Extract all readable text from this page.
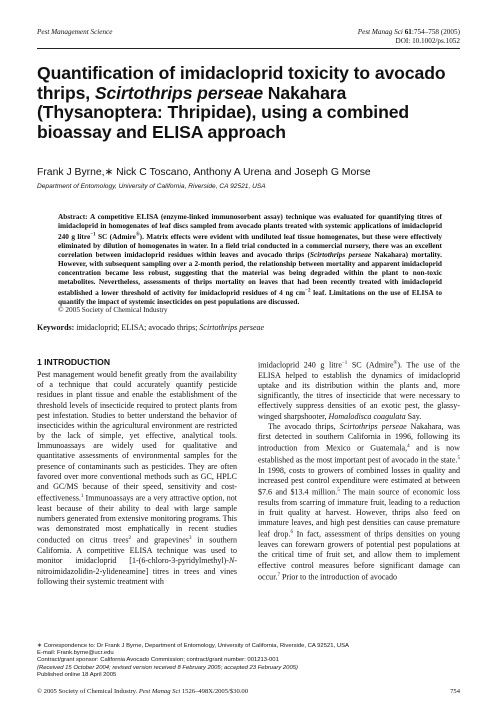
Pest Management Science	Pest Manag Sci 61:754–758 (2005)
DOI: 10.1002/ps.1052
Quantification of imidacloprid toxicity to avocado thrips, Scirtothrips perseae Nakahara (Thysanoptera: Thripidae), using a combined bioassay and ELISA approach
Frank J Byrne,∗ Nick C Toscano, Anthony A Urena and Joseph G Morse
Department of Entomology, University of California, Riverside, CA 92521, USA

Abstract: A competitive ELISA (enzyme-linked immunosorbent assay) technique was evaluated for quantifying titres of imidacloprid in homogenates of leaf discs sampled from avocado plants treated with systemic applications of imidacloprid 240 g litre$^{-1}$ SC (Admire®). Matrix effects were evident with undiluted leaf tissue homogenates, but these were effectively eliminated by dilution of homogenates in water. In a field trial conducted in a commercial nursery, there was an excellent correlation between imidacloprid residues within leaves and avocado thrips (Scirtothrips perseae Nakahara) mortality. However, with subsequent sampling over a 2-month period, the relationship between mortality and apparent imidacloprid concentration became less robust, suggesting that the material was being degraded within the plant to non-toxic metabolites. Nevertheless, assessments of thrips mortality on leaves that had been recently treated with imidacloprid established a lower threshold of activity for imidacloprid residues of 4 ng $cm^{-2}$ leaf. Limitations on the use of ELISA to quantify the impact of systemic insecticides on pest populations are discussed.

© 2005 Society of Chemical Industry
Keywords: imidacloprid; ELISA; avocado thrips; Scirtothrips perseae
1 INTRODUCTION

Pest management would benefit greatly from the availability of a technique that could accurately quantify pesticide residues in plant tissue and enable the establishment of the threshold levels of insecticide required to protect plants from pest infestation. Studies to better understand the behavior of insecticides within the agricultural environment are restricted by the lack of simple, yet effective, analytical tools. Immunoassays are widely used for qualitative and quantitative assessments of environmental samples for the presence of contaminants such as pesticides. They are often favored over more conventional methods such as GC, HPLC and GC/MS because of their speed, sensitivity and cost-effectiveness.$^1$ Immunoassays are a very attractive option, not least because of their ability to deal with large sample numbers generated from extensive monitoring programs. This was demonstrated most emphatically in recent studies conducted on citrus trees$^2$ and grapevines$^3$ in southern California. A competitive ELISA technique was used to monitor imidacloprid [1-(6-chloro-3-pyridylmethyl)-N-nitroimidazolidin-2-ylideneamine] titres in trees and vines following their systemic treatment with

imidacloprid 240 g litre$^{-1}$ SC (Admire®). The use of the ELISA helped to establish the dynamics of imidacloprid uptake and its distribution within the plants and, more significantly, the titres of insecticide that were necessary to effectively suppress densities of an exotic pest, the glassy-winged sharpshooter, Homalodisca coagulata Say.

The avocado thrips, Scirtothrips perseae Nakahara, was first detected in southern California in 1996, following its introduction from Mexico or Guatemala,$^4$ and is now established as the most important pest of avocado in the state.$^5$ In 1998, costs to growers of combined losses in quality and increased pest control expenditure were estimated at between $7.6 and $13.4 million.$^5$ The main source of economic loss results from scarring of immature fruit, leading to a reduction in fruit quality at harvest. However, thrips also feed on immature leaves, and high pest densities can cause premature leaf drop.$^6$ In fact, assessment of thrips densities on young leaves can forewarn growers of potential pest populations at the critical time of fruit set, and allow them to implement effective control measures before significant damage can occur.$^7$ Prior to the introduction of avocado

∗ Correspondence to: Dr Frank J Byrne, Department of Entomology, University of California, Riverside, CA 92521, USA
E-mail: Frank.byrne@ucr.edu
Contract/grant sponsor: California Avocado Commission; contract/grant number: 001213-001
(Received 15 October 2004; revised version received 8 February 2005; accepted 23 February 2005)
Published online 18 April 2005
© 2005 Society of Chemical Industry. Pest Manag Sci 1526–498X/2005/$30.00	754
